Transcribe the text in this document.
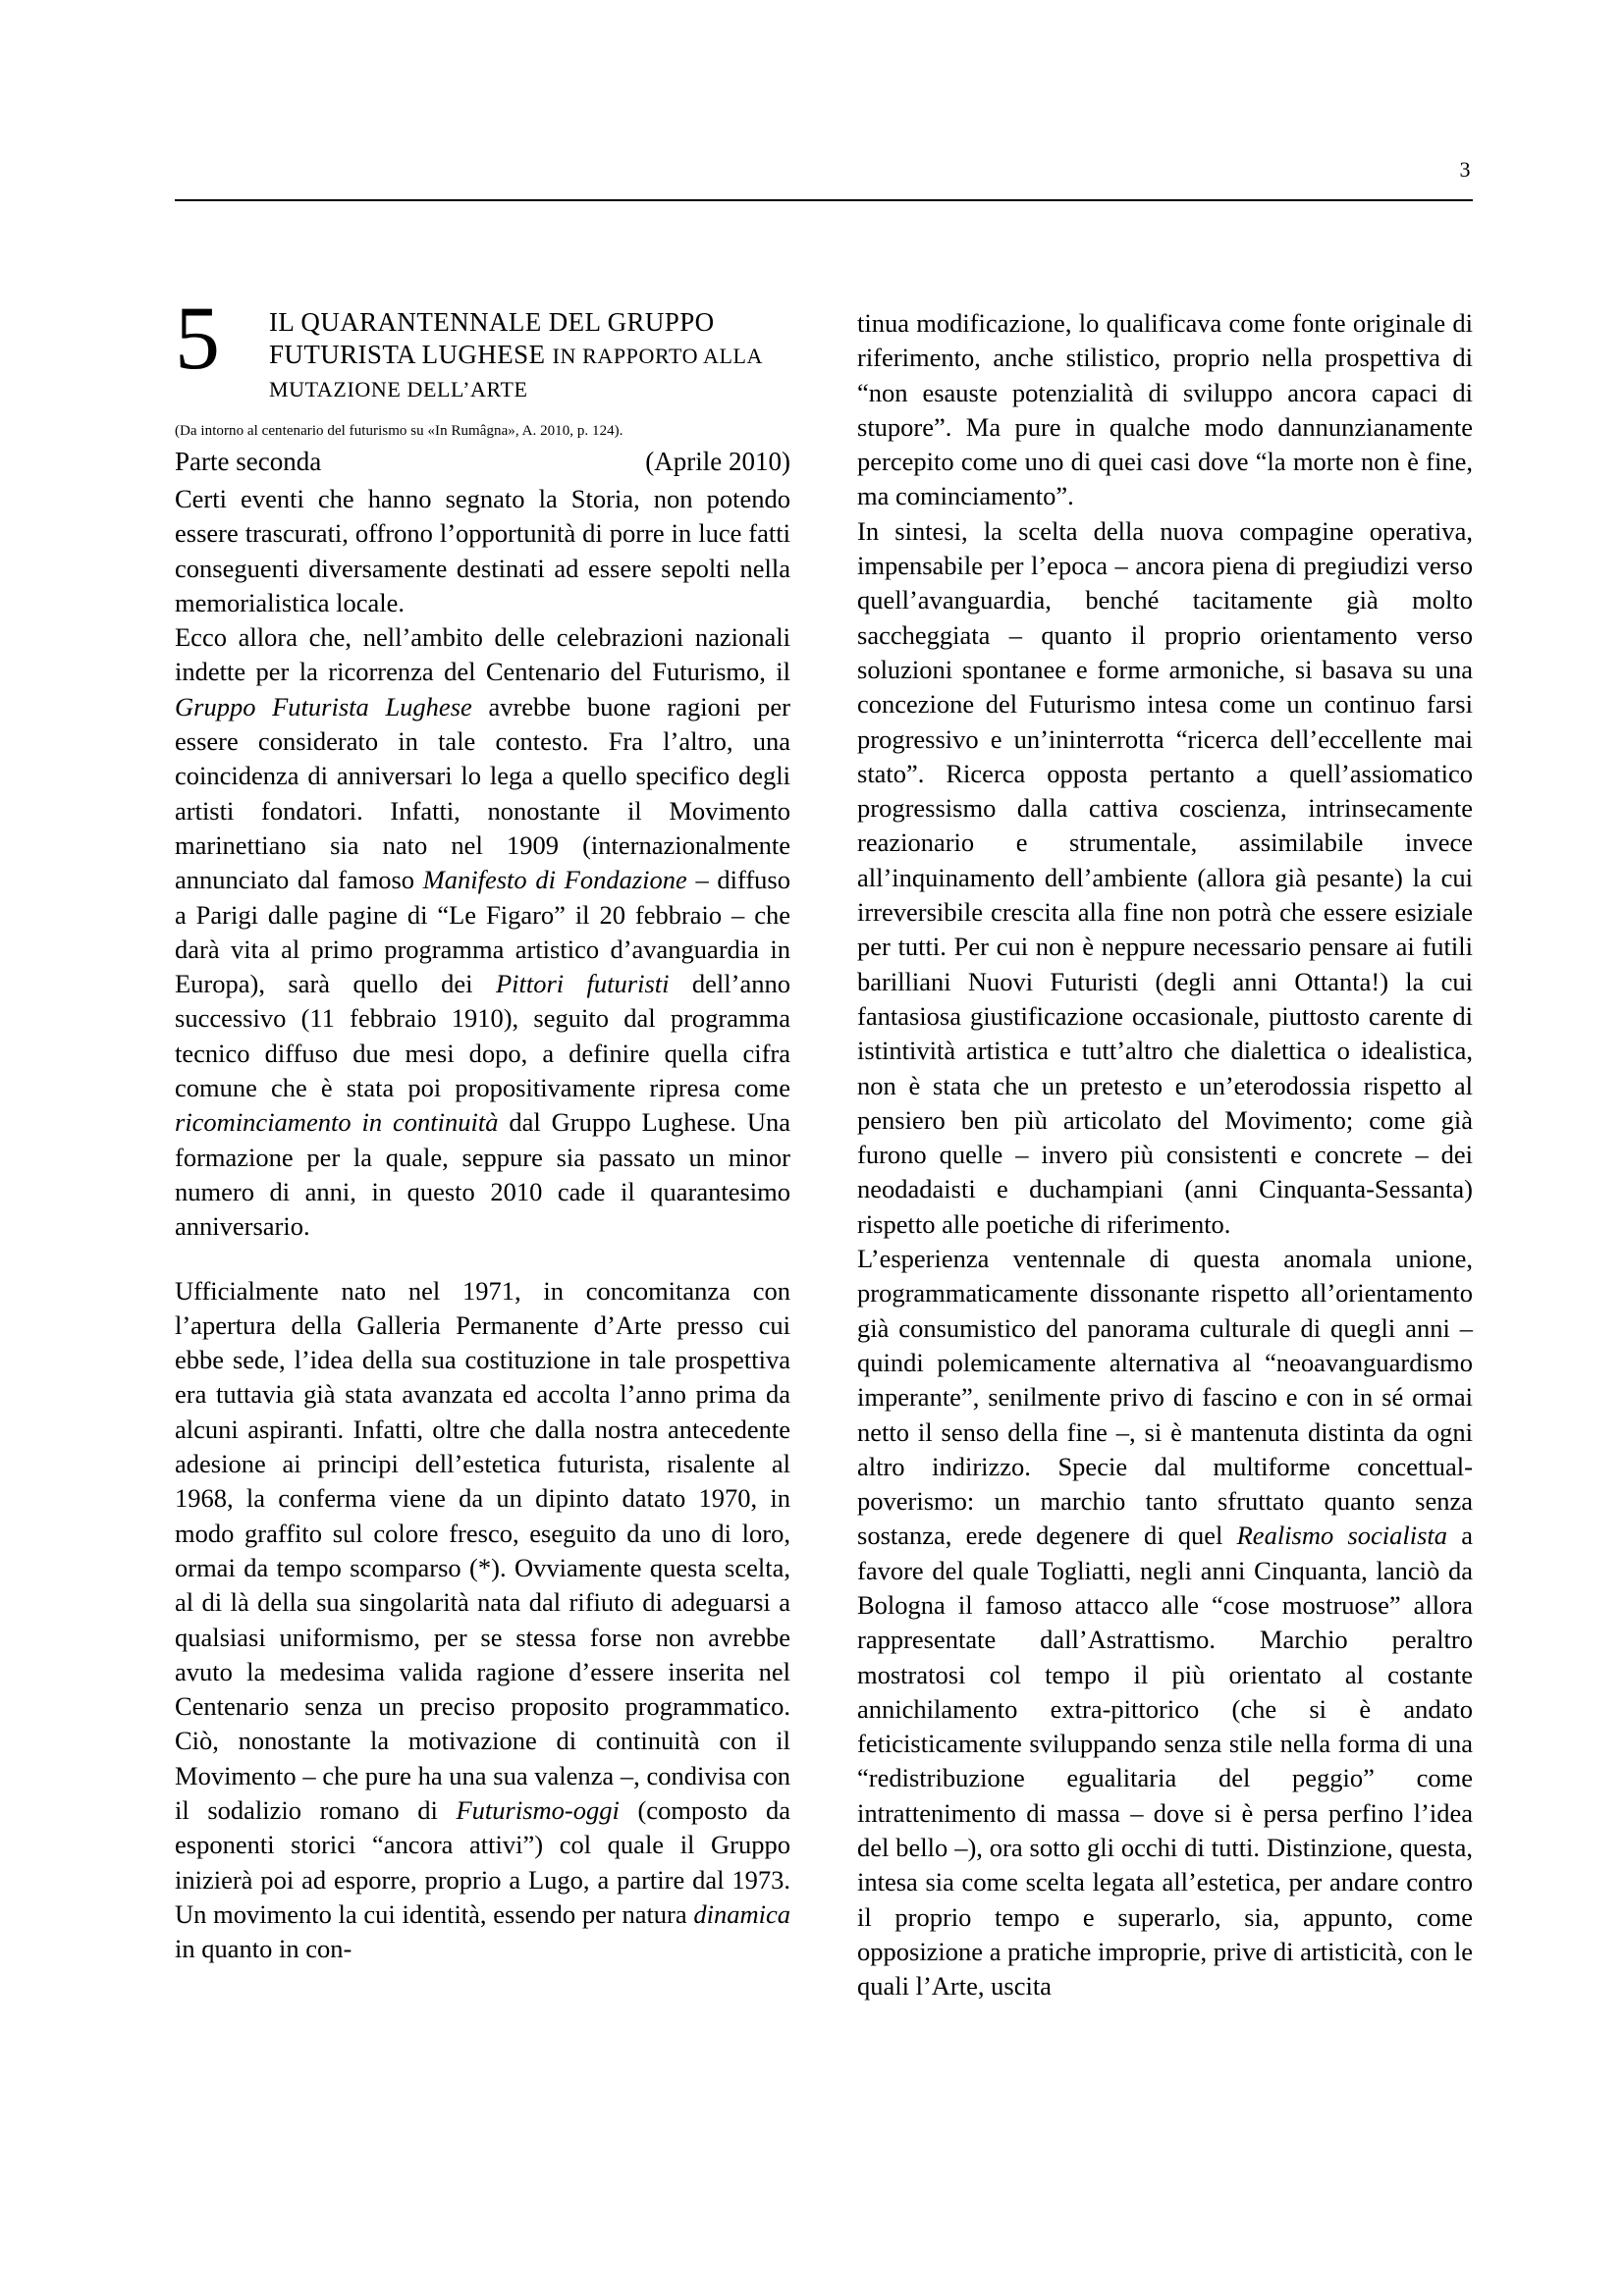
3
5 IL QUARANTENNALE DEL GRUPPO
FUTURISTA LUGHESE IN RAPPORTO ALLA
MUTAZIONE DELL’ARTE
(Da intorno al centenario del futurismo su «In Rumâgna», A. 2010, p. 124).
Parte seconda	(Aprile 2010)

Certi eventi che hanno segnato la Storia, non potendo essere trascurati, offrono l’opportunità di porre in luce fatti conseguenti diversamente destinati ad essere sepolti nella memorialistica locale.

Ecco allora che, nell’ambito delle celebrazioni nazionali indette per la ricorrenza del Centenario del Futurismo, il Gruppo Futurista Lughese avrebbe buone ragioni per essere considerato in tale contesto. Fra l’altro, una coincidenza di anniversari lo lega a quello specifico degli artisti fondatori. Infatti, nonostante il Movimento marinettiano sia nato nel 1909 (internazionalmente annunciato dal famoso Manifesto di Fondazione – diffuso a Parigi dalle pagine di “Le Figaro” il 20 febbraio – che darà vita al primo programma artistico d’avanguardia in Europa), sarà quello dei Pittori futuristi dell’anno successivo (11 febbraio 1910), seguito dal programma tecnico diffuso due mesi dopo, a definire quella cifra comune che è stata poi propositivamente ripresa come ricominciamento in continuità dal Gruppo Lughese. Una formazione per la quale, seppure sia passato un minor numero di anni, in questo 2010 cade il quarantesimo anniversario.

Ufficialmente nato nel 1971, in concomitanza con l’apertura della Galleria Permanente d’Arte presso cui ebbe sede, l’idea della sua costituzione in tale prospettiva era tuttavia già stata avanzata ed accolta l’anno prima da alcuni aspiranti. Infatti, oltre che dalla nostra antecedente adesione ai principi dell’estetica futurista, risalente al 1968, la conferma viene da un dipinto datato 1970, in modo graffito sul colore fresco, eseguito da uno di loro, ormai da tempo scomparso (*). Ovviamente questa scelta, al di là della sua singolarità nata dal rifiuto di adeguarsi a qualsiasi uniformismo, per se stessa forse non avrebbe avuto la medesima valida ragione d’essere inserita nel Centenario senza un preciso proposito programmatico. Ciò, nonostante la motivazione di continuità con il Movimento – che pure ha una sua valenza –, condivisa con il sodalizio romano di Futurismo-oggi (composto da esponenti storici “ancora attivi”) col quale il Gruppo inizierà poi ad esporre, proprio a Lugo, a partire dal 1973. Un movimento la cui identità, essendo per natura dinamica in quanto in con-

tinua modificazione, lo qualificava come fonte originale di riferimento, anche stilistico, proprio nella prospettiva di “non esauste potenzialità di sviluppo ancora capaci di stupore”. Ma pure in qualche modo dannunzianamente percepito come uno di quei casi dove “la morte non è fine, ma cominciamento”.

In sintesi, la scelta della nuova compagine operativa, impensabile per l’epoca – ancora piena di pregiudizi verso quell’avanguardia, benché tacitamente già molto saccheggiata – quanto il proprio orientamento verso soluzioni spontanee e forme armoniche, si basava su una concezione del Futurismo intesa come un continuo farsi progressivo e un’ininterrotta “ricerca dell’eccellente mai stato”. Ricerca opposta pertanto a quell’assiomatico progressismo dalla cattiva coscienza, intrinsecamente reazionario e strumentale, assimilabile invece all’inquinamento dell’ambiente (allora già pesante) la cui irreversibile crescita alla fine non potrà che essere esiziale per tutti. Per cui non è neppure necessario pensare ai futili barilliani Nuovi Futuristi (degli anni Ottanta!) la cui fantasiosa giustificazione occasionale, piuttosto carente di istintività artistica e tutt’altro che dialettica o idealistica, non è stata che un pretesto e un’eterodossia rispetto al pensiero ben più articolato del Movimento; come già furono quelle – invero più consistenti e concrete – dei neodadaisti e duchampiani (anni Cinquanta-Sessanta) rispetto alle poetiche di riferimento.

L’esperienza ventennale di questa anomala unione, programmaticamente dissonante rispetto all’orientamento già consumistico del panorama culturale di quegli anni – quindi polemicamente alternativa al “neoavanguardismo imperante”, senilmente privo di fascino e con in sé ormai netto il senso della fine –, si è mantenuta distinta da ogni altro indirizzo. Specie dal multiforme concettual-poverismo: un marchio tanto sfruttato quanto senza sostanza, erede degenere di quel Realismo socialista a favore del quale Togliatti, negli anni Cinquanta, lanciò da Bologna il famoso attacco alle “cose mostruose” allora rappresentate dall’Astrattismo. Marchio peraltro mostratosi col tempo il più orientato al costante annichilamento extra-pittorico (che si è andato feticisticamente sviluppando senza stile nella forma di una “redistribuzione egualitaria del peggio” come intrattenimento di massa – dove si è persa perfino l’idea del bello –), ora sotto gli occhi di tutti. Distinzione, questa, intesa sia come scelta legata all’estetica, per andare contro il proprio tempo e superarlo, sia, appunto, come opposizione a pratiche improprie, prive di artisticità, con le quali l’Arte, uscita
